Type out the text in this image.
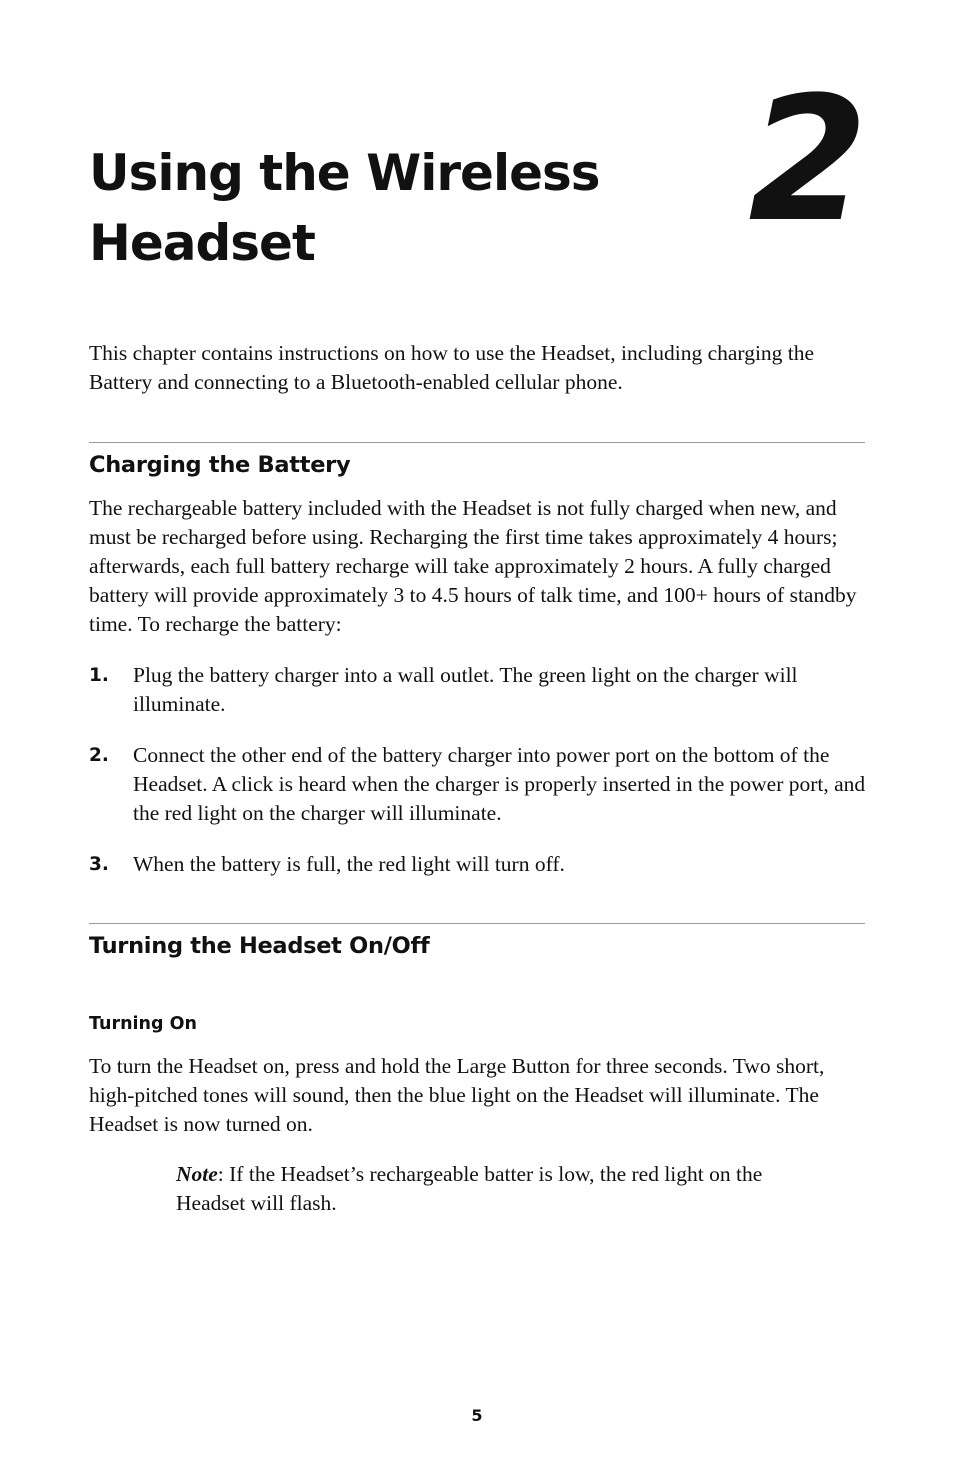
Using the Wireless
Headset	2

This chapter contains instructions on how to use the Headset, including charging the Battery and connecting to a Bluetooth-enabled cellular phone.

Charging the Battery

The rechargeable battery included with the Headset is not fully charged when new, and must be recharged before using. Recharging the first time takes approximately 4 hours; afterwards, each full battery recharge will take approximately 2 hours. A fully charged battery will provide approximately 3 to 4.5 hours of talk time, and 100+ hours of standby time. To recharge the battery:

1. Plug the battery charger into a wall outlet. The green light on the charger will illuminate.

2. Connect the other end of the battery charger into power port on the bottom of the Headset. A click is heard when the charger is properly inserted in the power port, and the red light on the charger will illuminate.

3. When the battery is full, the red light will turn off.

Turning the Headset On/Off
Turning On

To turn the Headset on, press and hold the Large Button for three seconds. Two short, high-pitched tones will sound, then the blue light on the Headset will illuminate. The Headset is now turned on.

Note: If the Headset’s rechargeable batter is low, the red light on the Headset will flash.

5
